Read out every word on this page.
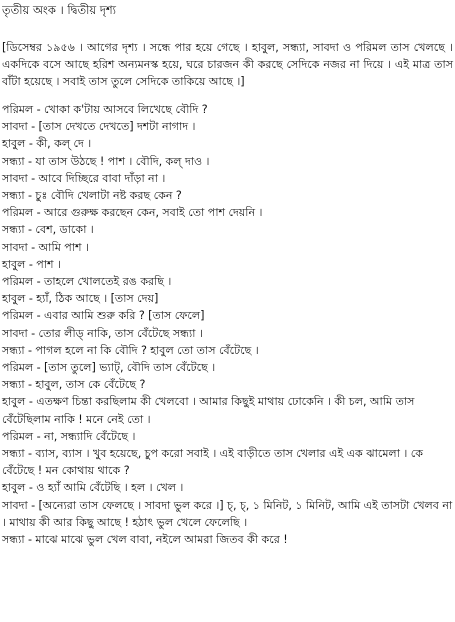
তৃতীয় অংক । দ্বিতীয় দৃশ্য
[ডিসেম্বর ১৯৫৬ । আগের দৃশ্য । সন্ধে পার হয়ে গেছে । হাবুল, সন্ধ্যা, সাবদা ও পরিমল তাস খেলছে । একদিকে বসে আছে হরিশ অন্যমনস্ক হয়ে, ঘরে চারজন কী করছে সেদিকে নজর না দিয়ে । এই মাত্র তাস বাঁটা হয়েছে । সবাই তাস তুলে সেদিকে তাকিয়ে আছে ।]
পরিমল - খোকা ক'টায় আসবে লিখেছে বৌদি ?
সাবদা - [তাস দেখতে দেখতে] দশটা নাগাদ ।
হাবুল - কী, কল্ দে ।
সন্ধ্যা - যা তাস উঠছে ! পাশ । বৌদি, কল্ দাও ।
সাবদা - আবে দিচ্ছিরে বাবা দাঁড়া না ।
সন্ধ্যা - চুঃ বৌদি খেলাটা নষ্ট করছ কেন ?
পরিমল - আরে গুরুক্ষ করছেন কেন, সবাই তো পাশ দেয়নি ।
সন্ধ্যা - বেশ, ডাকো ।
সাবদা - আমি পাশ ।
হাবুল - পাশ ।
পরিমল - তাহলে খোলতেই রঙ করছি ।
হাবুল - হ্যাঁ, ঠিক আছে । [তাস দেয়]
পরিমল - এবার আমি শুরু করি ? [তাস ফেলে]
সাবদা - তোর লীড্ নাকি, তাস বেঁটেছে সন্ধ্যা ।
সন্ধ্যা - পাগল হলে না কি বৌদি ? হাবুল তো তাস বেঁটেছে ।
পরিমল - [তাস তুলে] ভ্যাট্, বৌদি তাস বেঁটেছে ।
সন্ধ্যা - হাবুল, তাস কে বেঁটেছে ?
হাবুল - এতক্ষণ চিন্তা করছিলাম কী খেলবো । আমার কিছুই মাথায় ঢোকেনি । কী চল, আমি তাস বেঁটেছিলাম নাকি ! মনে নেই তো ।
পরিমল - না, সন্ধ্যাদি বেঁটেছে ।
সন্ধ্যা - ব্যাস, ব্যাস । খুব হয়েছে, চুপ করো সবাই । এই বাড়ীতে তাস খেলার এই এক ঝামেলা । কে বেঁটেছে ! মন কোথায় থাকে ?
হাবুল - ও হ্যাঁ আমি বেঁটেছি । হল । খেল ।
সাবদা - [অন্যেরা তাস ফেলছে । সাবদা ভুল করে ।] চ্, চ্, ১ মিনিট, ১ মিনিট, আমি এই তাসটা খেলব না । মাথায় কী আর কিছু আছে ! হঠাৎ ভুল খেলে ফেলেছি ।
সন্ধ্যা - মাঝে মাঝে ভুল খেল বাবা, নইলে আমরা জিতব কী করে !
